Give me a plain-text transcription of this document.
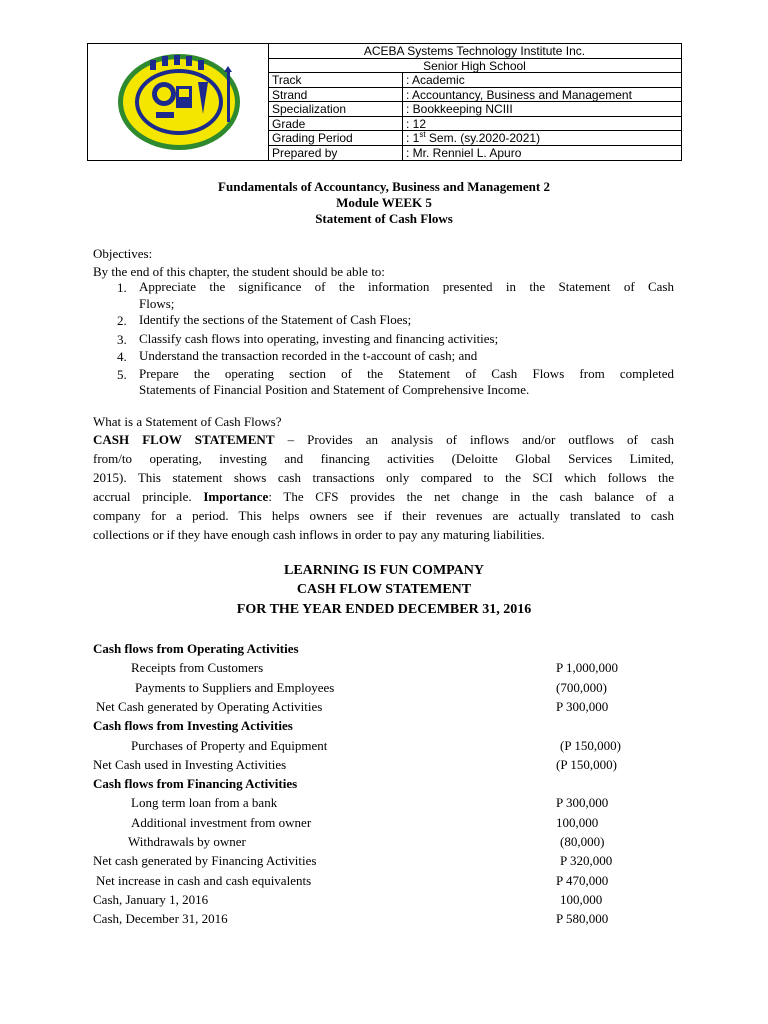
ACEBA Systems Technology Institute Inc.
Senior High School
Track	: Academic
Strand	: Accountancy, Business and Management
Specialization	: Bookkeeping NCIII
Grade	: 12
Grading Period	: 1st Sem. (sy.2020-2021)
Prepared by	: Mr. Renniel L. Apuro
Fundamentals of Accountancy, Business and Management 2
Module WEEK 5
Statement of Cash Flows
Objectives:
By the end of this chapter, the student should be able to:
1. Appreciate the significance of the information presented in the Statement of Cash
Flows;
2. Identify the sections of the Statement of Cash Floes;
3. Classify cash flows into operating, investing and financing activities;
4. Understand the transaction recorded in the t-account of cash; and
5. Prepare the operating section of the Statement of Cash Flows from completed
Statements of Financial Position and Statement of Comprehensive Income.
What is a Statement of Cash Flows?
CASH FLOW STATEMENT – Provides an analysis of inflows and/or outflows of cash
from/to operating, investing and financing activities (Deloitte Global Services Limited,
2015). This statement shows cash transactions only compared to the SCI which follows the
accrual principle. Importance: The CFS provides the net change in the cash balance of a
company for a period. This helps owners see if their revenues are actually translated to cash
collections or if they have enough cash inflows in order to pay any maturing liabilities.
LEARNING IS FUN COMPANY
CASH FLOW STATEMENT
FOR THE YEAR ENDED DECEMBER 31, 2016
Cash flows from Operating Activities
Receipts from Customers	P 1,000,000
Payments to Suppliers and Employees	(700,000)
Net Cash generated by Operating Activities	P 300,000
Cash flows from Investing Activities
Purchases of Property and Equipment	(P 150,000)
Net Cash used in Investing Activities	(P 150,000)
Cash flows from Financing Activities
Long term loan from a bank	P 300,000
Additional investment from owner	100,000
Withdrawals by owner	(80,000)
Net cash generated by Financing Activities	P 320,000
Net increase in cash and cash equivalents	P 470,000
Cash, January 1, 2016	100,000
Cash, December 31, 2016	P 580,000
